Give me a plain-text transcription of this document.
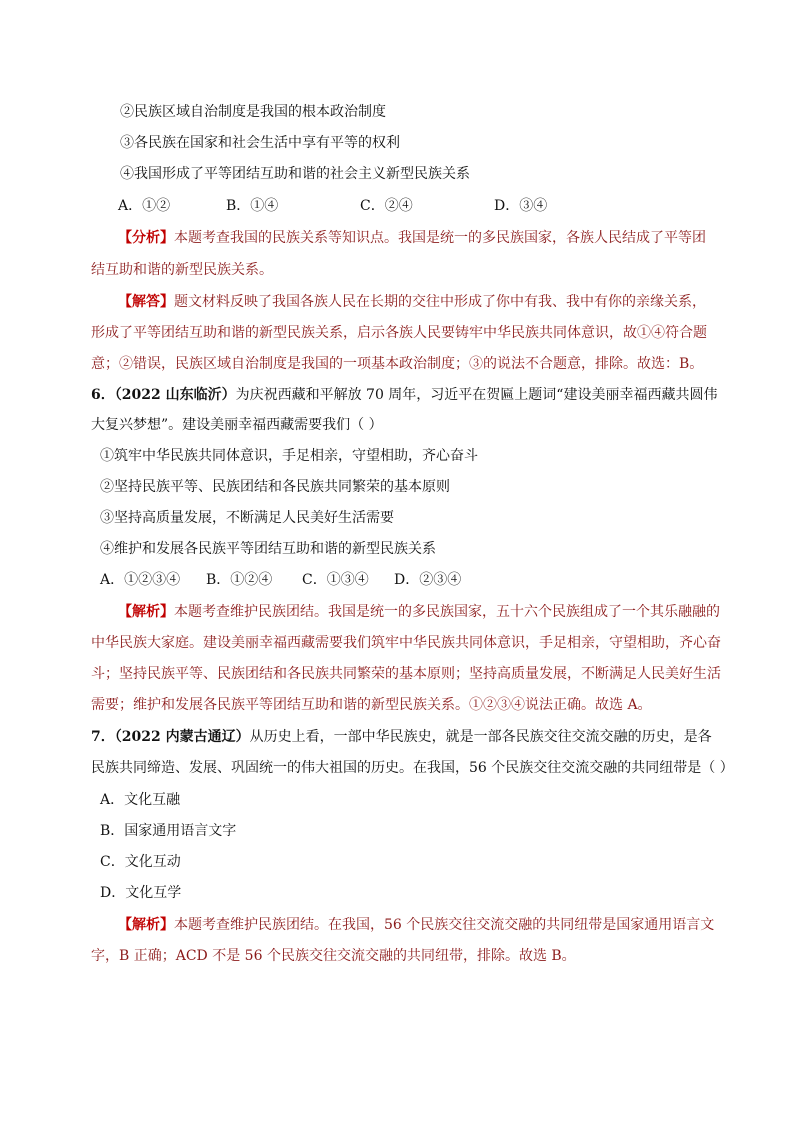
②民族区域自治制度是我国的根本政治制度
③各民族在国家和社会生活中享有平等的权利
④我国形成了平等团结互助和谐的社会主义新型民族关系
A．①②	B．①④	C．②④	D．③④
【分析】本题考查我国的民族关系等知识点。我国是统一的多民族国家，各族人民结成了平等团
结互助和谐的新型民族关系。
【解答】题文材料反映了我国各族人民在长期的交往中形成了你中有我、我中有你的亲缘关系，
形成了平等团结互助和谐的新型民族关系，启示各族人民要铸牢中华民族共同体意识，故①④符合题
意；②错误，民族区域自治制度是我国的一项基本政治制度；③的说法不合题意，排除。故选：B。
6．（2022 山东临沂）为庆祝西藏和平解放 70 周年，习近平在贺匾上题词“建设美丽幸福西藏共圆伟
大复兴梦想”。建设美丽幸福西藏需要我们（ ）
①筑牢中华民族共同体意识，手足相亲，守望相助，齐心奋斗
②坚持民族平等、民族团结和各民族共同繁荣的基本原则
③坚持高质量发展，不断满足人民美好生活需要
④维护和发展各民族平等团结互助和谐的新型民族关系
A．①②③④ B．①②④ C．①③④ D．②③④
【解析】本题考查维护民族团结。我国是统一的多民族国家，五十六个民族组成了一个其乐融融的
中华民族大家庭。建设美丽幸福西藏需要我们筑牢中华民族共同体意识，手足相亲，守望相助，齐心奋
斗；坚持民族平等、民族团结和各民族共同繁荣的基本原则；坚持高质量发展，不断满足人民美好生活
需要；维护和发展各民族平等团结互助和谐的新型民族关系。①②③④说法正确。故选 A。
7．（2022 内蒙古通辽）从历史上看，一部中华民族史，就是一部各民族交往交流交融的历史，是各
民族共同缔造、发展、巩固统一的伟大祖国的历史。在我国，56 个民族交往交流交融的共同纽带是（ ）
A．文化互融
B．国家通用语言文字
C．文化互动
D．文化互学
【解析】本题考查维护民族团结。在我国，56 个民族交往交流交融的共同纽带是国家通用语言文
字，B 正确；ACD 不是 56 个民族交往交流交融的共同纽带，排除。故选 B。
